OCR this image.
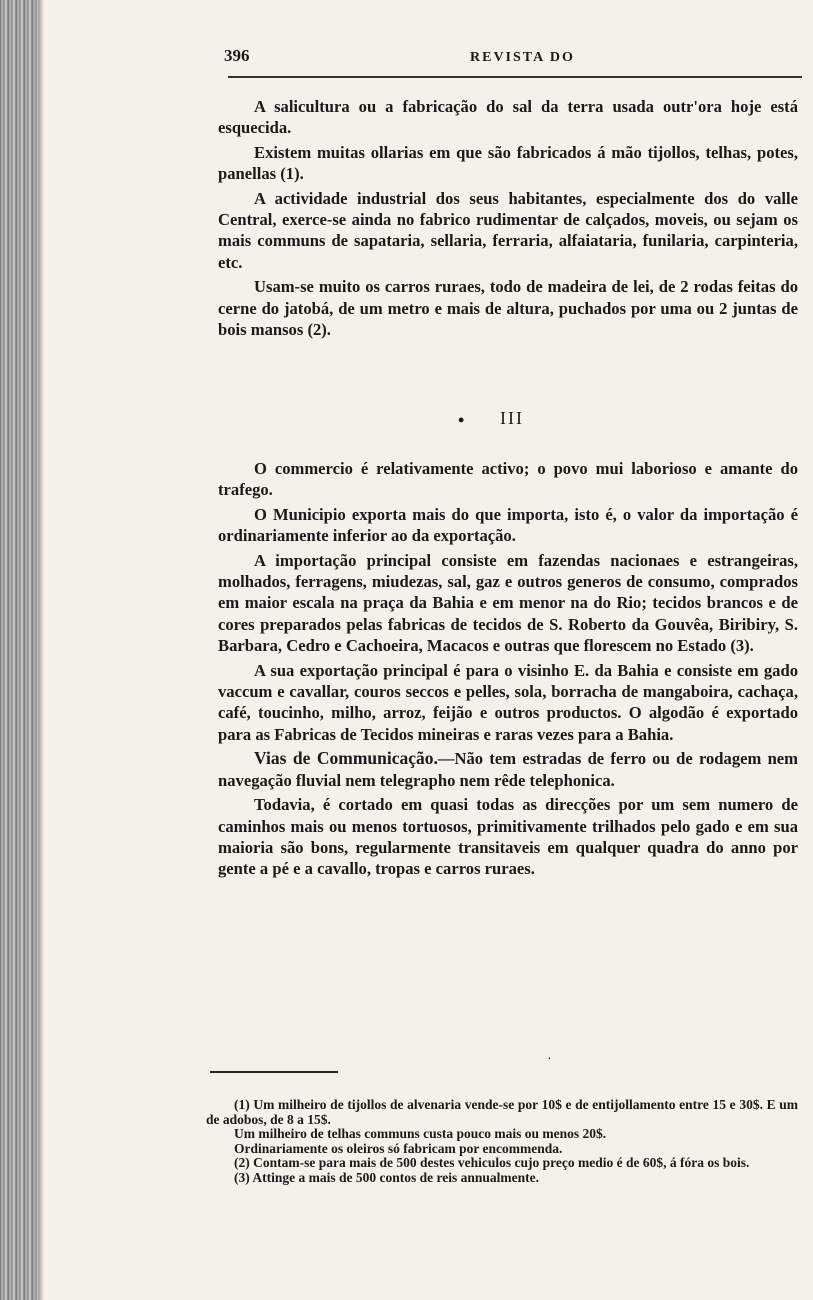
396	REVISTA DO

A salicultura ou a fabricação do sal da terra usada outr'ora hoje está esquecida.

Existem muitas ollarias em que são fabricados á mão tijollos, telhas, potes, panellas (1).

A actividade industrial dos seus habitantes, especialmente dos do valle Central, exerce-se ainda no fabrico rudimentar de calçados, moveis, ou sejam os mais communs de sapataria, sellaria, ferraria, alfaiataria, funilaria, carpinteria, etc.

Usam-se muito os carros ruraes, todo de madeira de lei, de 2 rodas feitas do cerne do jatobá, de um metro e mais de altura, puchados por uma ou 2 juntas de bois mansos (2).

• III

O commercio é relativamente activo; o povo mui laborioso e amante do trafego.

O Municipio exporta mais do que importa, isto é, o valor da importação é ordinariamente inferior ao da exportação.

A importação principal consiste em fazendas nacionaes e estrangeiras, molhados, ferragens, miudezas, sal, gaz e outros generos de consumo, comprados em maior escala na praça da Bahia e em menor na do Rio; tecidos brancos e de cores preparados pelas fabricas de tecidos de S. Roberto da Gouvêa, Biribiry, S. Barbara, Cedro e Cachoeira, Macacos e outras que florescem no Estado (3).

A sua exportação principal é para o visinho E. da Bahia e consiste em gado vaccum e cavallar, couros seccos e pelles, sola, borracha de mangaboira, cachaça, café, toucinho, milho, arroz, feijão e outros productos. O algodão é exportado para as Fabricas de Tecidos mineiras e raras vezes para a Bahia.

Vias de Communicação.—Não tem estradas de ferro ou de rodagem nem navegação fluvial nem telegrapho nem rêde telephonica.

Todavia, é cortado em quasi todas as direcções por um sem numero de caminhos mais ou menos tortuosos, primitivamente trilhados pelo gado e em sua maioria são bons, regularmente transitaveis em qualquer quadra do anno por gente a pé e a cavallo, tropas e carros ruraes.

·

(1) Um milheiro de tijollos de alvenaria vende-se por 10$ e de entijollamento entre 15 e 30$. E um de adobos, de 8 a 15$.

Um milheiro de telhas communs custa pouco mais ou menos 20$.

Ordinariamente os oleiros só fabricam por encommenda.

(2) Contam-se para mais de 500 destes vehiculos cujo preço medio é de 60$, á fóra os bois.

(3) Attinge a mais de 500 contos de reis annualmente.
